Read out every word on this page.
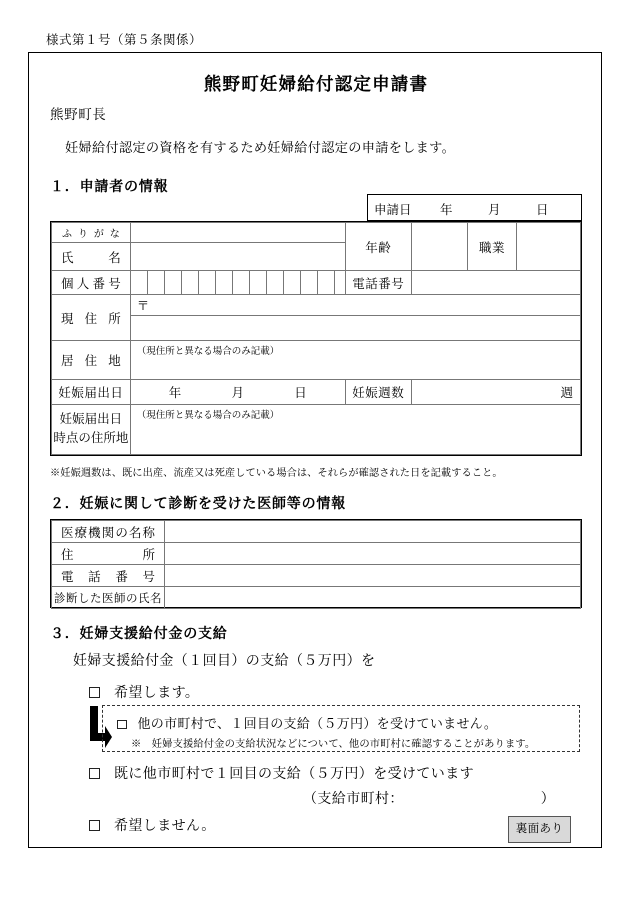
様式第１号（第５条関係）
熊野町妊婦給付認定申請書
熊野町長
妊婦給付認定の資格を有するため妊婦給付認定の申請をします。
１．申請者の情報
申請日 年	月	日
ふりがな														年齢		職業	
氏　　名																	
個人番号														電話番号			
現住所	〒																

居住地	（現住所と異なる場合のみ記載）																
妊娠届出日	年 月 日													妊娠週数	週		
妊娠届出日
時点の住所地	（現住所と異なる場合のみ記載）																
※妊娠週数は、既に出産、流産又は死産している場合は、それらが確認された日を記載すること。
２．妊娠に関して診断を受けた医師等の情報
医療機関の名称	
住　　　　　所	
電　話　番　号	
診断した医師の氏名	
３．妊婦支援給付金の支給
妊婦支援給付金（１回目）の支給（５万円）を
希望します。
他の市町村で、１回目の支給（５万円）を受けていません。
※　妊婦支援給付金の支給状況などについて、他の市町村に確認することがあります。
既に他市町村で１回目の支給（５万円）を受けています
（支給市町村：　　　　　　　　　　）
希望しません。	裏面あり
